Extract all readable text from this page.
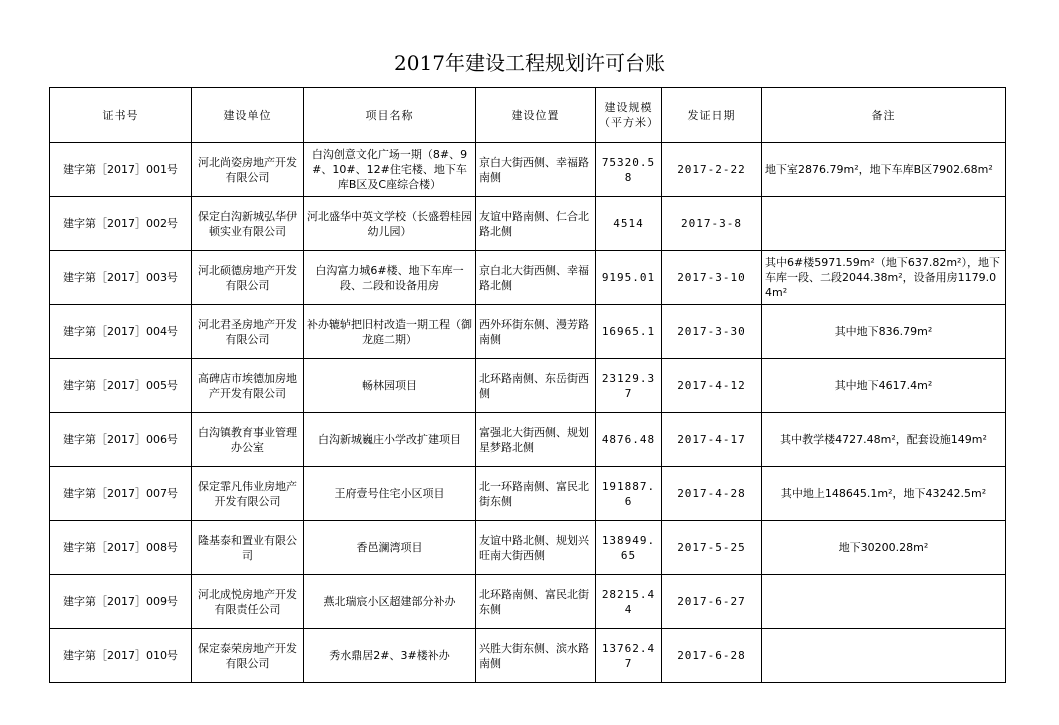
2017年建设工程规划许可台账
证书号	建设单位	项目名称	建设位置	建设规模（平方米）	发证日期	备注
建字第［2017］001号	河北尚姿房地产开发有限公司	白沟创意文化广场一期（8#、9#、10#、12#住宅楼、地下车库B区及C座综合楼）	京白大街西侧、幸福路南侧	75320.58	2017-2-22	地下室2876.79m²，地下车库B区7902.68m²
建字第［2017］002号	保定白沟新城弘华伊顿实业有限公司	河北盛华中英文学校（长盛碧桂园幼儿园）	友谊中路南侧、仁合北路北侧	4514	2017-3-8	
建字第［2017］003号	河北硕德房地产开发有限公司	白沟富力城6#楼、地下车库一段、二段和设备用房	京白北大街西侧、幸福路北侧	9195.01	2017-3-10	其中6#楼5971.59m²（地下637.82m²），地下车库一段、二段2044.38m²，设备用房1179.04m²
建字第［2017］004号	河北君圣房地产开发有限公司	补办辘轳把旧村改造一期工程（御龙庭二期）	西外环街东侧、漫芳路南侧	16965.1	2017-3-30	其中地下836.79m²
建字第［2017］005号	高碑店市埃德加房地产开发有限公司	畅林园项目	北环路南侧、东岳街西侧	23129.37	2017-4-12	其中地下4617.4m²
建字第［2017］006号	白沟镇教育事业管理办公室	白沟新城巍庄小学改扩建项目	富强北大街西侧、规划星梦路北侧	4876.48	2017-4-17	其中教学楼4727.48m²，配套设施149m²
建字第［2017］007号	保定霏凡伟业房地产开发有限公司	王府壹号住宅小区项目	北一环路南侧、富民北街东侧	191887.6	2017-4-28	其中地上148645.1m²，地下43242.5m²
建字第［2017］008号	隆基泰和置业有限公司	香邑澜湾项目	友谊中路北侧、规划兴旺南大街西侧	138949.65	2017-5-25	地下30200.28m²
建字第［2017］009号	河北成悦房地产开发有限责任公司	燕北瑞宸小区超建部分补办	北环路南侧、富民北街东侧	28215.44	2017-6-27	
建字第［2017］010号	保定泰荣房地产开发有限公司	秀水鼎居2#、3#楼补办	兴胜大街东侧、滨水路南侧	13762.47	2017-6-28	
